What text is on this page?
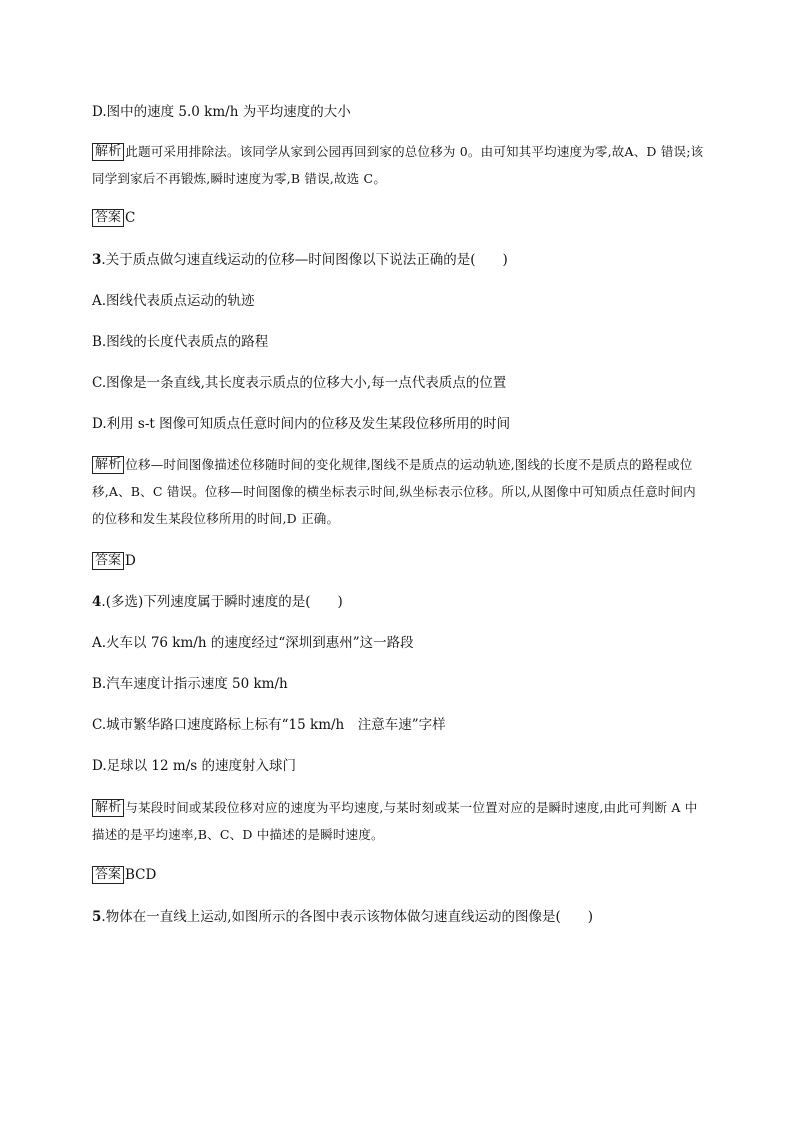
D.图中的速度 5.0 km/h 为平均速度的大小
解析 此题可采用排除法。该同学从家到公园再回到家的总位移为 0。由可知其平均速度为零,故A、D 错误;该同学到家后不再锻炼,瞬时速度为零,B 错误,故选 C。
答案 C
3.关于质点做匀速直线运动的位移—时间图像以下说法正确的是(　　)
A.图线代表质点运动的轨迹
B.图线的长度代表质点的路程
C.图像是一条直线,其长度表示质点的位移大小,每一点代表质点的位置
D.利用 s-t 图像可知质点任意时间内的位移及发生某段位移所用的时间
解析 位移—时间图像描述位移随时间的变化规律,图线不是质点的运动轨迹,图线的长度不是质点的路程或位移,A、B、C 错误。位移—时间图像的横坐标表示时间,纵坐标表示位移。所以,从图像中可知质点任意时间内的位移和发生某段位移所用的时间,D 正确。
答案 D
4.(多选)下列速度属于瞬时速度的是(　　)
A.火车以 76 km/h 的速度经过“深圳到惠州”这一路段
B.汽车速度计指示速度 50 km/h
C.城市繁华路口速度路标上标有“15 km/h　注意车速”字样
D.足球以 12 m/s 的速度射入球门
解析 与某段时间或某段位移对应的速度为平均速度,与某时刻或某一位置对应的是瞬时速度,由此可判断 A 中描述的是平均速率,B、C、D 中描述的是瞬时速度。
答案 BCD
5.物体在一直线上运动,如图所示的各图中表示该物体做匀速直线运动的图像是(　　)
